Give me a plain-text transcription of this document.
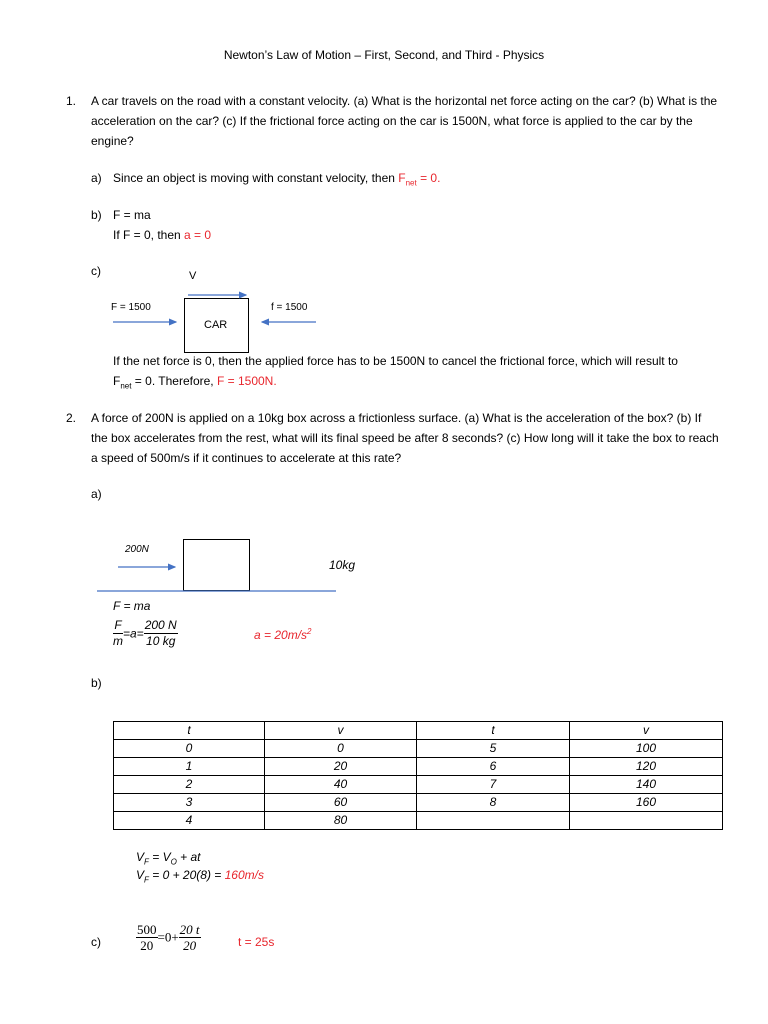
Newton’s Law of Motion – First, Second, and Third - Physics
1. A car travels on the road with a constant velocity. (a) What is the horizontal net force acting on the car? (b) What is the acceleration on the car? (c) If the frictional force acting on the car is 1500N, what force is applied to the car by the engine?
a) Since an object is moving with constant velocity, then $F_{net} = 0$.
b) F = ma
If F = 0, then a = 0
c)	V
F = 1500	f = 1500
CAR
If the net force is 0, then the applied force has to be 1500N to cancel the frictional force, which will result to
$F_{net} = 0$. Therefore, F = 1500N.
2. A force of 200N is applied on a 10kg box across a frictionless surface. (a) What is the acceleration of the box? (b) If the box accelerates from the rest, what will its final speed be after 8 seconds? (c) How long will it take the box to reach a speed of 500m/s if it continues to accelerate at this rate?
a)
200N
10kg
F = ma
$\frac{F}{m} =a= \frac{200 N}{10 kg}$	$a = 20m/s^2$
b)
t	v	t	v
0	0	5	100
1	20	6	120
2	40	7	140
3	60	8	160
4	80		
$V_F = V_O$ + at
$V_F = 0 + 20(8) = 160m/s$
c)	$\frac{500}{20} =0+ \frac{20 t}{20}$	t = 25s
